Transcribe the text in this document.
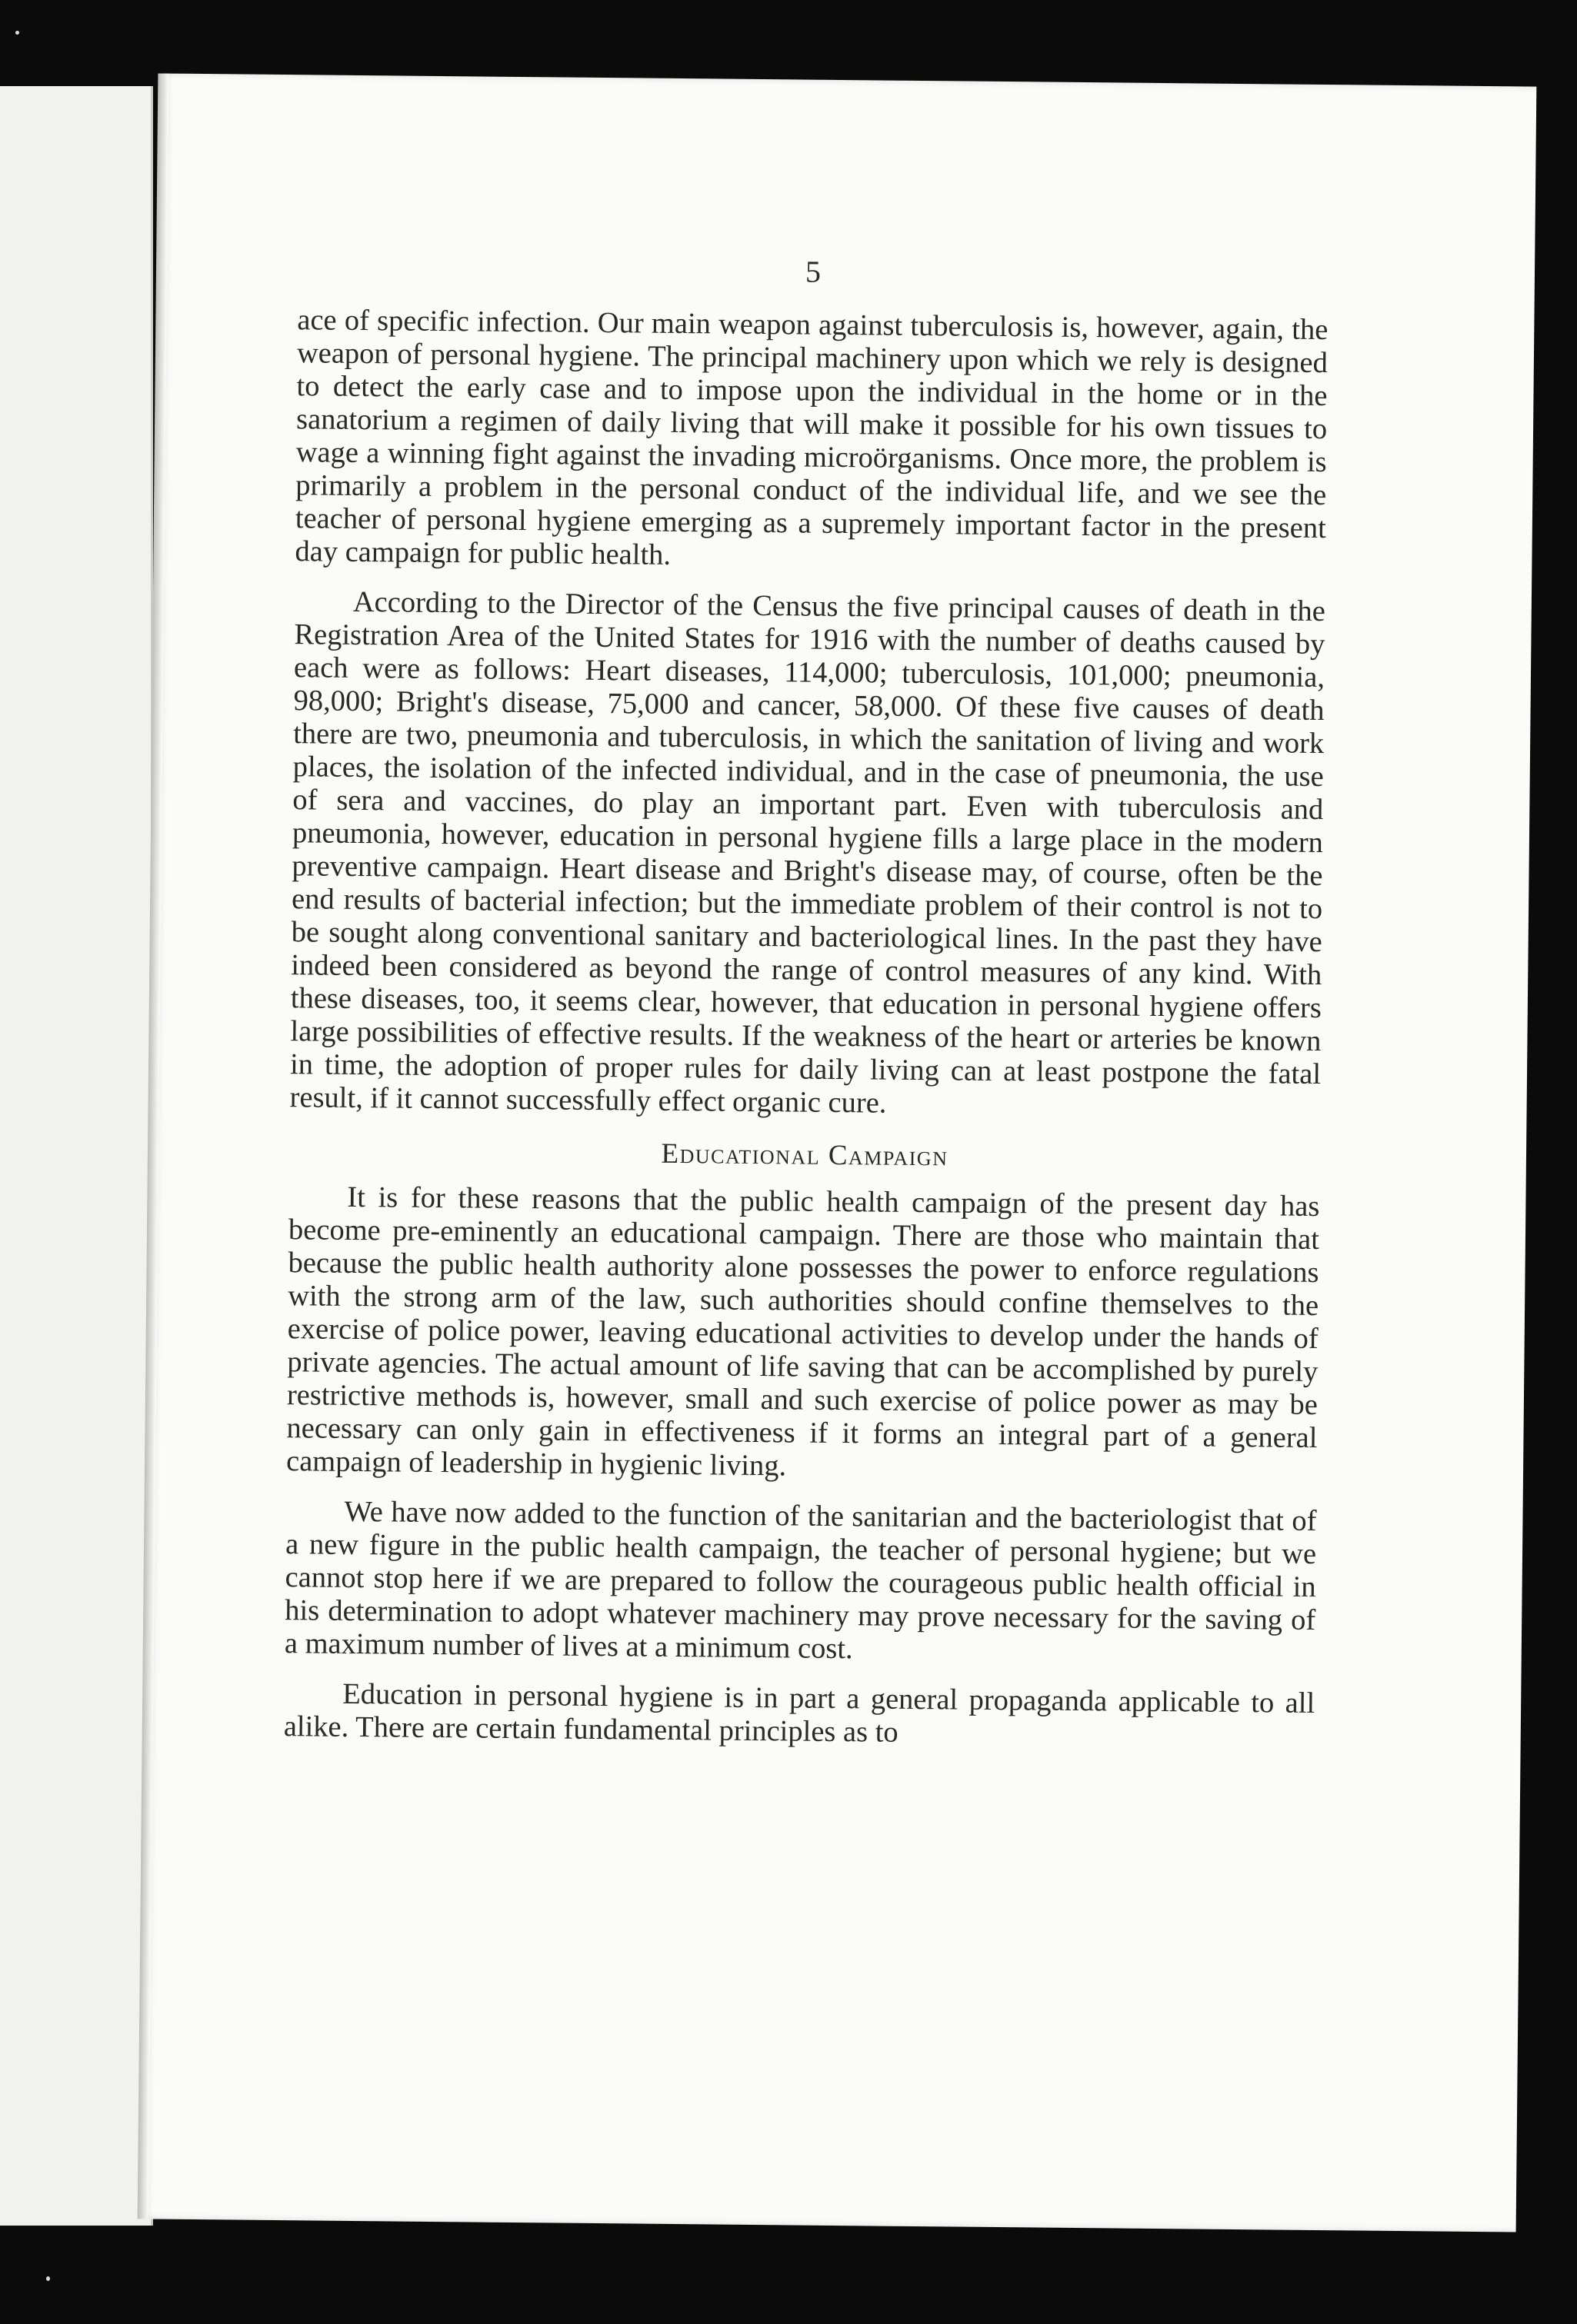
5

ace of specific infection. Our main weapon against tuberculosis is, however, again, the weapon of personal hygiene. The principal machinery upon which we rely is designed to detect the early case and to impose upon the individual in the home or in the sanatorium a regimen of daily living that will make it possible for his own tissues to wage a winning fight against the invading microörganisms. Once more, the problem is primarily a problem in the personal conduct of the individual life, and we see the teacher of personal hygiene emerging as a supremely important factor in the present day campaign for public health.

According to the Director of the Census the five principal causes of death in the Registration Area of the United States for 1916 with the number of deaths caused by each were as follows: Heart diseases, 114,000; tuberculosis, 101,000; pneumonia, 98,000; Bright's disease, 75,000 and cancer, 58,000. Of these five causes of death there are two, pneumonia and tuberculosis, in which the sanitation of living and work places, the isolation of the infected individual, and in the case of pneumonia, the use of sera and vaccines, do play an important part. Even with tuberculosis and pneumonia, however, education in personal hygiene fills a large place in the modern preventive campaign. Heart disease and Bright's disease may, of course, often be the end results of bacterial infection; but the immediate problem of their control is not to be sought along conventional sanitary and bacteriological lines. In the past they have indeed been considered as beyond the range of control measures of any kind. With these diseases, too, it seems clear, however, that education in personal hygiene offers large possibilities of effective results. If the weakness of the heart or arteries be known in time, the adoption of proper rules for daily living can at least postpone the fatal result, if it cannot successfully effect organic cure.

Educational Campaign

It is for these reasons that the public health campaign of the present day has become pre-eminently an educational campaign. There are those who maintain that because the public health authority alone possesses the power to enforce regulations with the strong arm of the law, such authorities should confine themselves to the exercise of police power, leaving educational activities to develop under the hands of private agencies. The actual amount of life saving that can be accomplished by purely restrictive methods is, however, small and such exercise of police power as may be necessary can only gain in effectiveness if it forms an integral part of a general campaign of leadership in hygienic living.

We have now added to the function of the sanitarian and the bacteriologist that of a new figure in the public health campaign, the teacher of personal hygiene; but we cannot stop here if we are prepared to follow the courageous public health official in his determination to adopt whatever machinery may prove necessary for the saving of a maximum number of lives at a minimum cost.

Education in personal hygiene is in part a general propaganda applicable to all alike. There are certain fundamental principles as to
